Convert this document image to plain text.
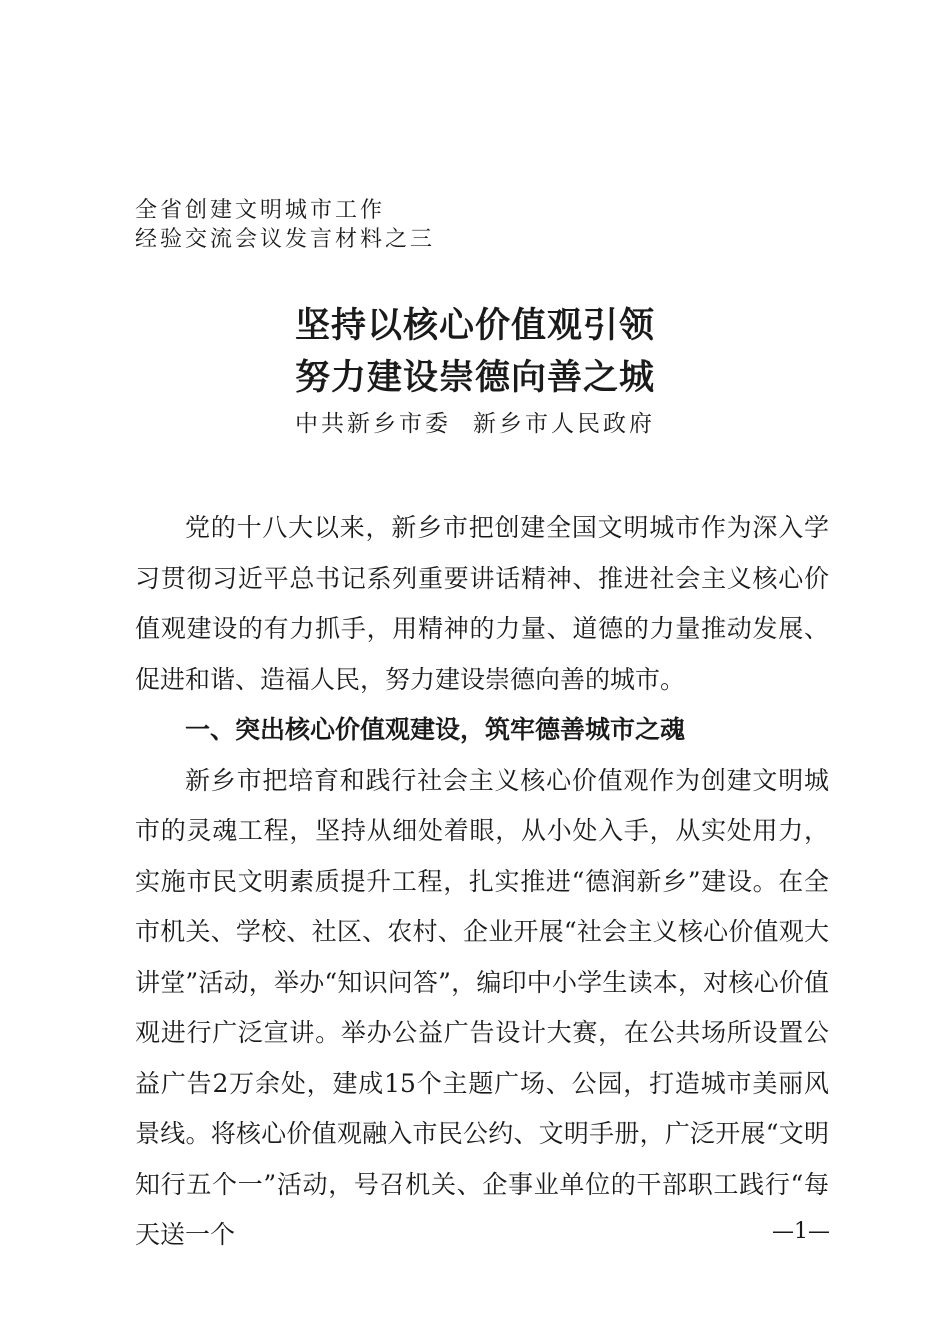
全省创建文明城市工作
经验交流会议发言材料之三
坚持以核心价值观引领
努力建设崇德向善之城
中共新乡市委 新乡市人民政府

党的十八大以来，新乡市把创建全国文明城市作为深入学习贯彻习近平总书记系列重要讲话精神、推进社会主义核心价值观建设的有力抓手，用精神的力量、道德的力量推动发展、促进和谐、造福人民，努力建设崇德向善的城市。

一、突出核心价值观建设，筑牢德善城市之魂

新乡市把培育和践行社会主义核心价值观作为创建文明城市的灵魂工程，坚持从细处着眼，从小处入手，从实处用力，实施市民文明素质提升工程，扎实推进“德润新乡”建设。在全市机关、学校、社区、农村、企业开展“社会主义核心价值观大讲堂”活动，举办“知识问答”，编印中小学生读本，对核心价值观进行广泛宣讲。举办公益广告设计大赛，在公共场所设置公益广告2万余处，建成15个主题广场、公园，打造城市美丽风景线。将核心价值观融入市民公约、文明手册，广泛开展“文明知行五个一”活动，号召机关、企事业单位的干部职工践行“每天送一个	—1—
